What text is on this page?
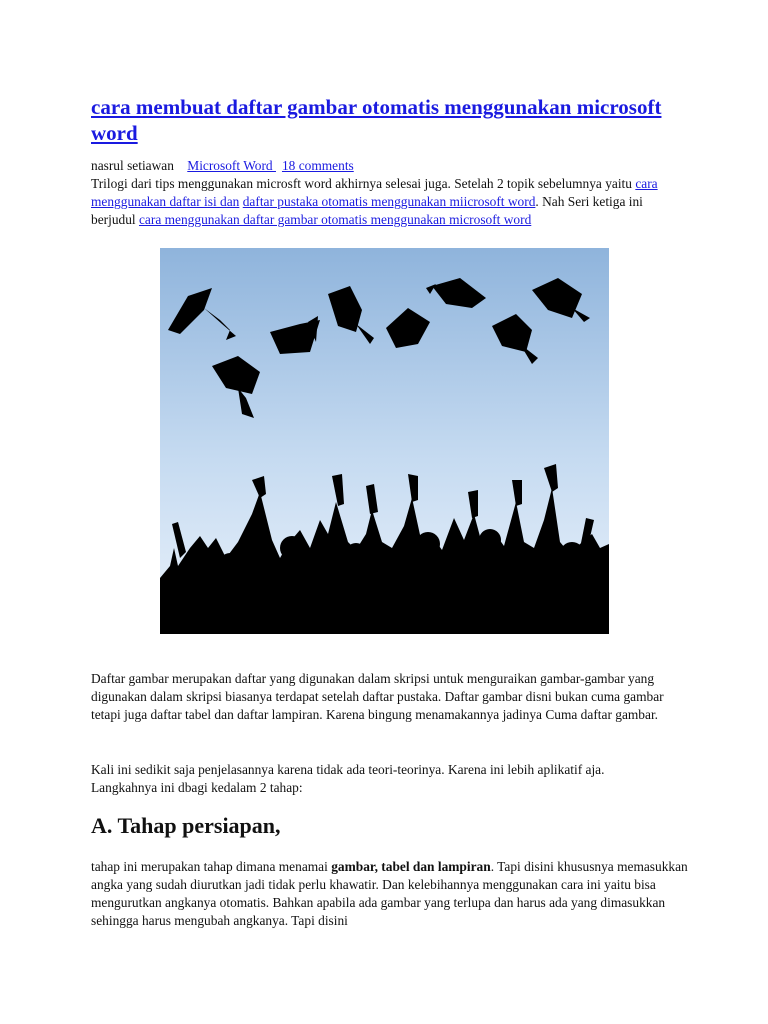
cara membuat daftar gambar otomatis menggunakan microsoft word
nasrul setiawan Microsoft Word 18 comments

Trilogi dari tips menggunakan microsft word akhirnya selesai juga. Setelah 2 topik sebelumnya yaitu cara menggunakan daftar isi dan daftar pustaka otomatis menggunakan miicrosoft word. Nah Seri ketiga ini berjudul cara menggunakan daftar gambar otomatis menggunakan microsoft word

Daftar gambar merupakan daftar yang digunakan dalam skripsi untuk menguraikan gambar-gambar yang digunakan dalam skripsi biasanya terdapat setelah daftar pustaka. Daftar gambar disni bukan cuma gambar tetapi juga daftar tabel dan daftar lampiran. Karena bingung menamakannya jadinya Cuma daftar gambar.

Kali ini sedikit saja penjelasannya karena tidak ada teori-teorinya. Karena ini lebih aplikatif aja. Langkahnya ini dbagi kedalam 2 tahap:

A. Tahap persiapan,

tahap ini merupakan tahap dimana menamai gambar, tabel dan lampiran. Tapi disini khususnya memasukkan angka yang sudah diurutkan jadi tidak perlu khawatir. Dan kelebihannya menggunakan cara ini yaitu bisa mengurutkan angkanya otomatis. Bahkan apabila ada gambar yang terlupa dan harus ada yang dimasukkan sehingga harus mengubah angkanya. Tapi disini
